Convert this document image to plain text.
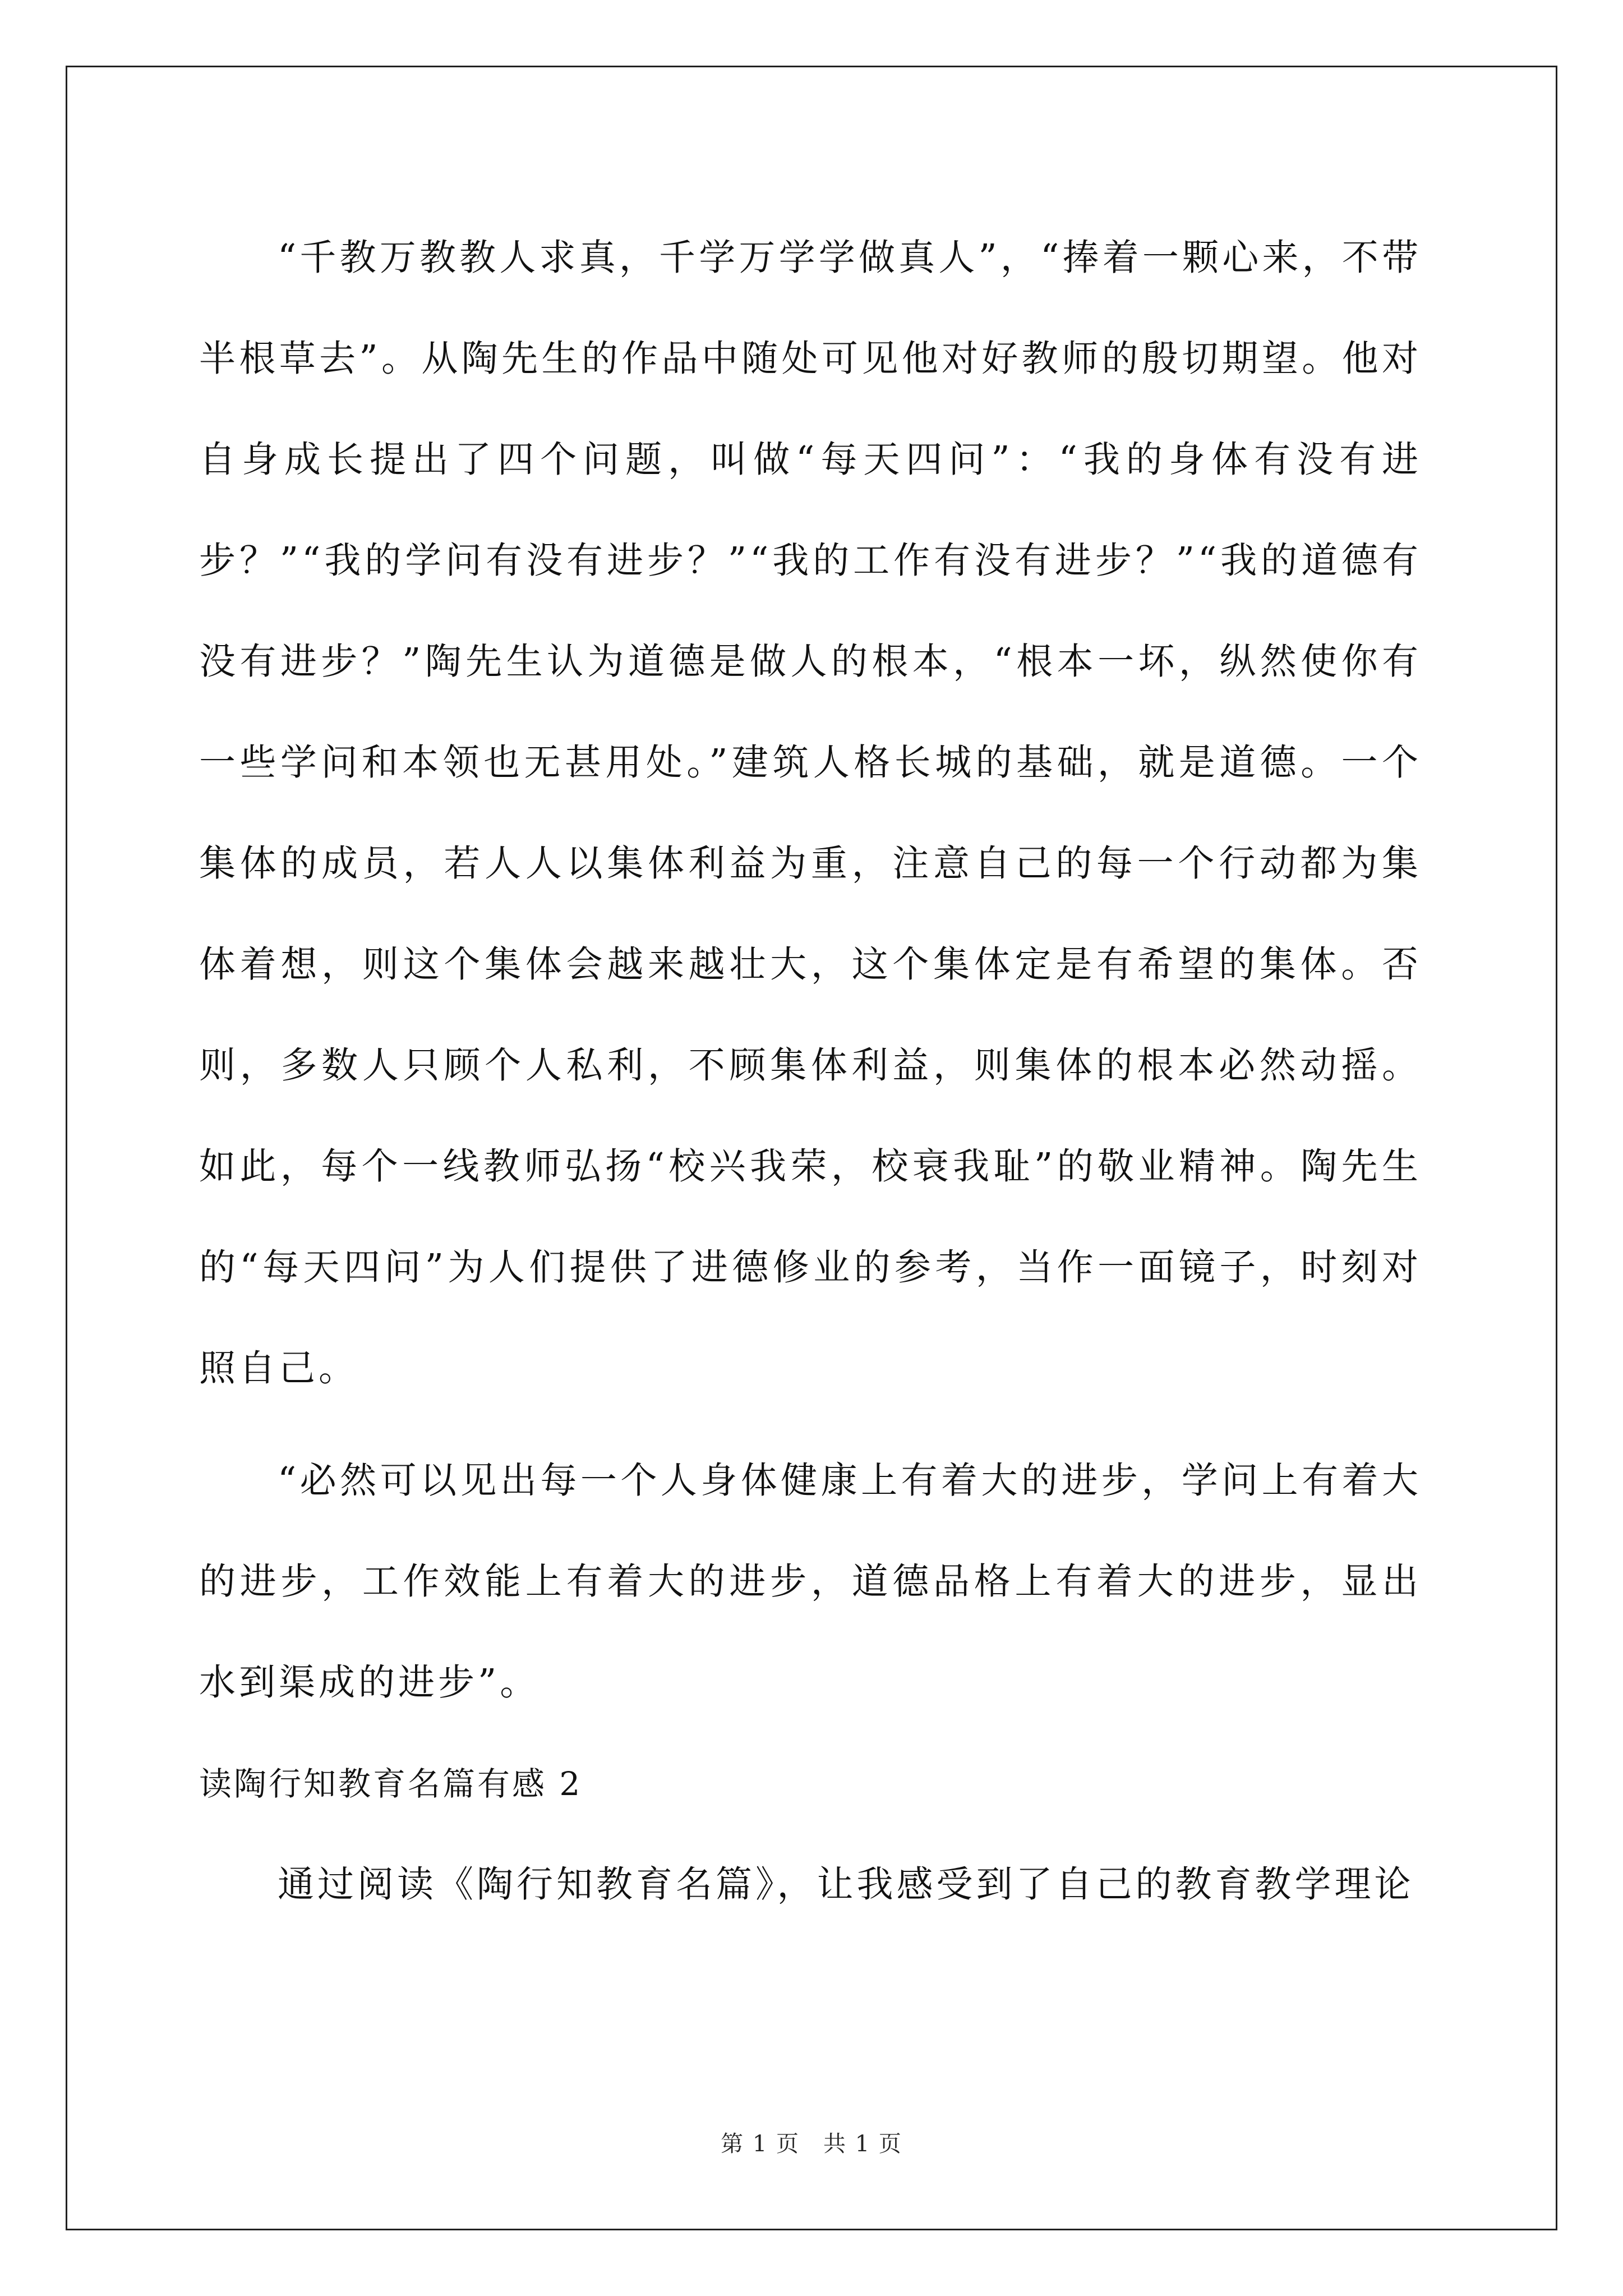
“千教万教教人求真，千学万学学做真人”，“捧着一颗心来，不带半根草去”。从陶先生的作品中随处可见他对好教师的殷切期望。他对自身成长提出了四个问题，叫做“每天四问”：“我的身体有没有进步？”“我的学问有没有进步？”“我的工作有没有进步？”“我的道德有没有进步？”陶先生认为道德是做人的根本，“根本一坏，纵然使你有一些学问和本领也无甚用处。”建筑人格长城的基础，就是道德。一个集体的成员，若人人以集体利益为重，注意自己的每一个行动都为集体着想，则这个集体会越来越壮大，这个集体定是有希望的集体。否则，多数人只顾个人私利，不顾集体利益，则集体的根本必然动摇。如此，每个一线教师弘扬“校兴我荣，校衰我耻”的敬业精神。陶先生的“每天四问”为人们提供了进德修业的参考，当作一面镜子，时刻对照自己。

“必然可以见出每一个人身体健康上有着大的进步，学问上有着大的进步，工作效能上有着大的进步，道德品格上有着大的进步，显出水到渠成的进步”。

读陶行知教育名篇有感 2

通过阅读《陶行知教育名篇》，让我感受到了自己的教育教学理论

第 1 页　共 1 页
